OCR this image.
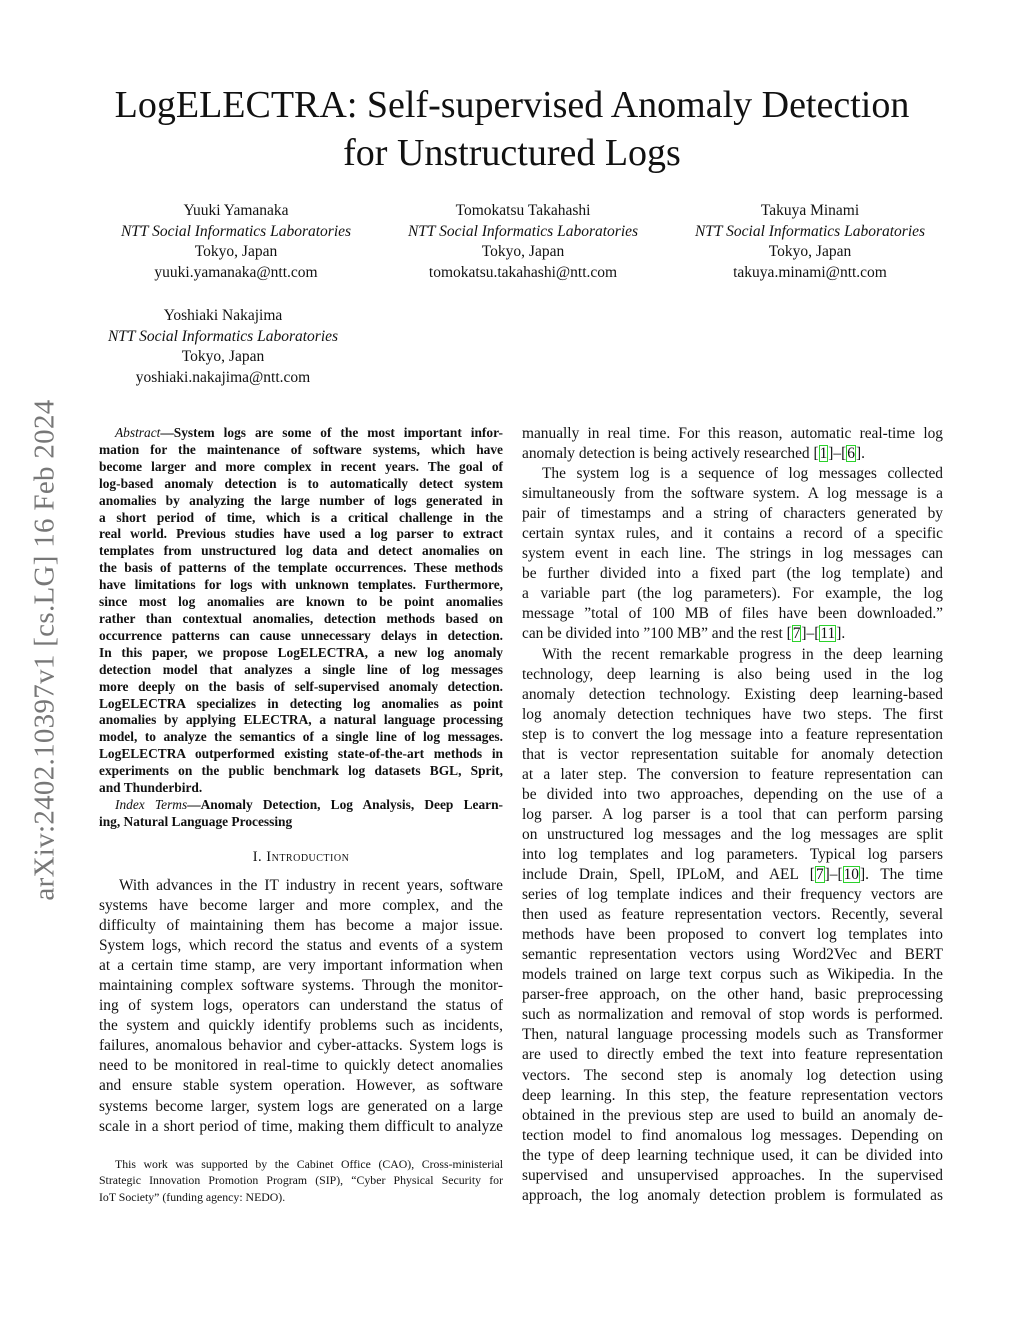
arXiv:2402.10397v1 [cs.LG] 16 Feb 2024
LogELECTRA: Self-supervised Anomaly Detection
for Unstructured Logs
Yuuki Yamanaka
NTT Social Informatics Laboratories
Tokyo, Japan
yuuki.yamanaka@ntt.com
Tomokatsu Takahashi
NTT Social Informatics Laboratories
Tokyo, Japan
tomokatsu.takahashi@ntt.com
Takuya Minami
NTT Social Informatics Laboratories
Tokyo, Japan
takuya.minami@ntt.com
Yoshiaki Nakajima
NTT Social Informatics Laboratories
Tokyo, Japan
yoshiaki.nakajima@ntt.com
Abstract—System logs are some of the most important infor-
mation for the maintenance of software systems, which have
become larger and more complex in recent years. The goal of
log-based anomaly detection is to automatically detect system
anomalies by analyzing the large number of logs generated in
a short period of time, which is a critical challenge in the
real world. Previous studies have used a log parser to extract
templates from unstructured log data and detect anomalies on
the basis of patterns of the template occurrences. These methods
have limitations for logs with unknown templates. Furthermore,
since most log anomalies are known to be point anomalies
rather than contextual anomalies, detection methods based on
occurrence patterns can cause unnecessary delays in detection.
In this paper, we propose LogELECTRA, a new log anomaly
detection model that analyzes a single line of log messages
more deeply on the basis of self-supervised anomaly detection.
LogELECTRA specializes in detecting log anomalies as point
anomalies by applying ELECTRA, a natural language processing
model, to analyze the semantics of a single line of log messages.
LogELECTRA outperformed existing state-of-the-art methods in
experiments on the public benchmark log datasets BGL, Sprit,
and Thunderbird.
Index Terms—Anomaly Detection, Log Analysis, Deep Learn-
ing, Natural Language Processing
I. Introduction
With advances in the IT industry in recent years, software
systems have become larger and more complex, and the
difficulty of maintaining them has become a major issue.
System logs, which record the status and events of a system
at a certain time stamp, are very important information when
maintaining complex software systems. Through the monitor-
ing of system logs, operators can understand the status of
the system and quickly identify problems such as incidents,
failures, anomalous behavior and cyber-attacks. System logs is
need to be monitored in real-time to quickly detect anomalies
and ensure stable system operation. However, as software
systems become larger, system logs are generated on a large
scale in a short period of time, making them difficult to analyze
This work was supported by the Cabinet Office (CAO), Cross-ministerial
Strategic Innovation Promotion Program (SIP), “Cyber Physical Security for
IoT Society” (funding agency: NEDO).
manually in real time. For this reason, automatic real-time log
anomaly detection is being actively researched [1]–[6].
The system log is a sequence of log messages collected
simultaneously from the software system. A log message is a
pair of timestamps and a string of characters generated by
certain syntax rules, and it contains a record of a specific
system event in each line. The strings in log messages can
be further divided into a fixed part (the log template) and
a variable part (the log parameters). For example, the log
message ”total of 100 MB of files have been downloaded.”
can be divided into ”100 MB” and the rest [7]–[11].
With the recent remarkable progress in the deep learning
technology, deep learning is also being used in the log
anomaly detection technology. Existing deep learning-based
log anomaly detection techniques have two steps. The first
step is to convert the log message into a feature representation
that is vector representation suitable for anomaly detection
at a later step. The conversion to feature representation can
be divided into two approaches, depending on the use of a
log parser. A log parser is a tool that can perform parsing
on unstructured log messages and the log messages are split
into log templates and log parameters. Typical log parsers
include Drain, Spell, IPLoM, and AEL [7]–[10]. The time
series of log template indices and their frequency vectors are
then used as feature representation vectors. Recently, several
methods have been proposed to convert log templates into
semantic representation vectors using Word2Vec and BERT
models trained on large text corpus such as Wikipedia. In the
parser-free approach, on the other hand, basic preprocessing
such as normalization and removal of stop words is performed.
Then, natural language processing models such as Transformer
are used to directly embed the text into feature representation
vectors. The second step is anomaly log detection using
deep learning. In this step, the feature representation vectors
obtained in the previous step are used to build an anomaly de-
tection model to find anomalous log messages. Depending on
the type of deep learning technique used, it can be divided into
supervised and unsupervised approaches. In the supervised
approach, the log anomaly detection problem is formulated as
